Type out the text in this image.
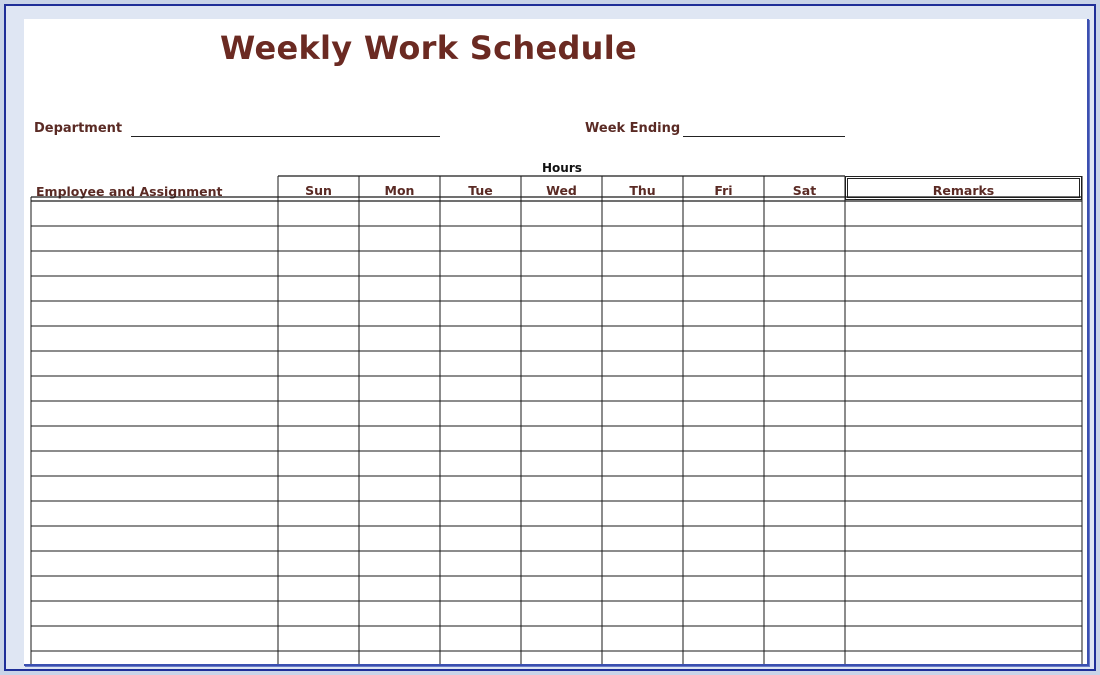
Weekly Work Schedule
Department	Week Ending
Hours
Employee and Assignment	Sun	Mon	Tue	Wed	Thu	Fri	Sat	Remarks
